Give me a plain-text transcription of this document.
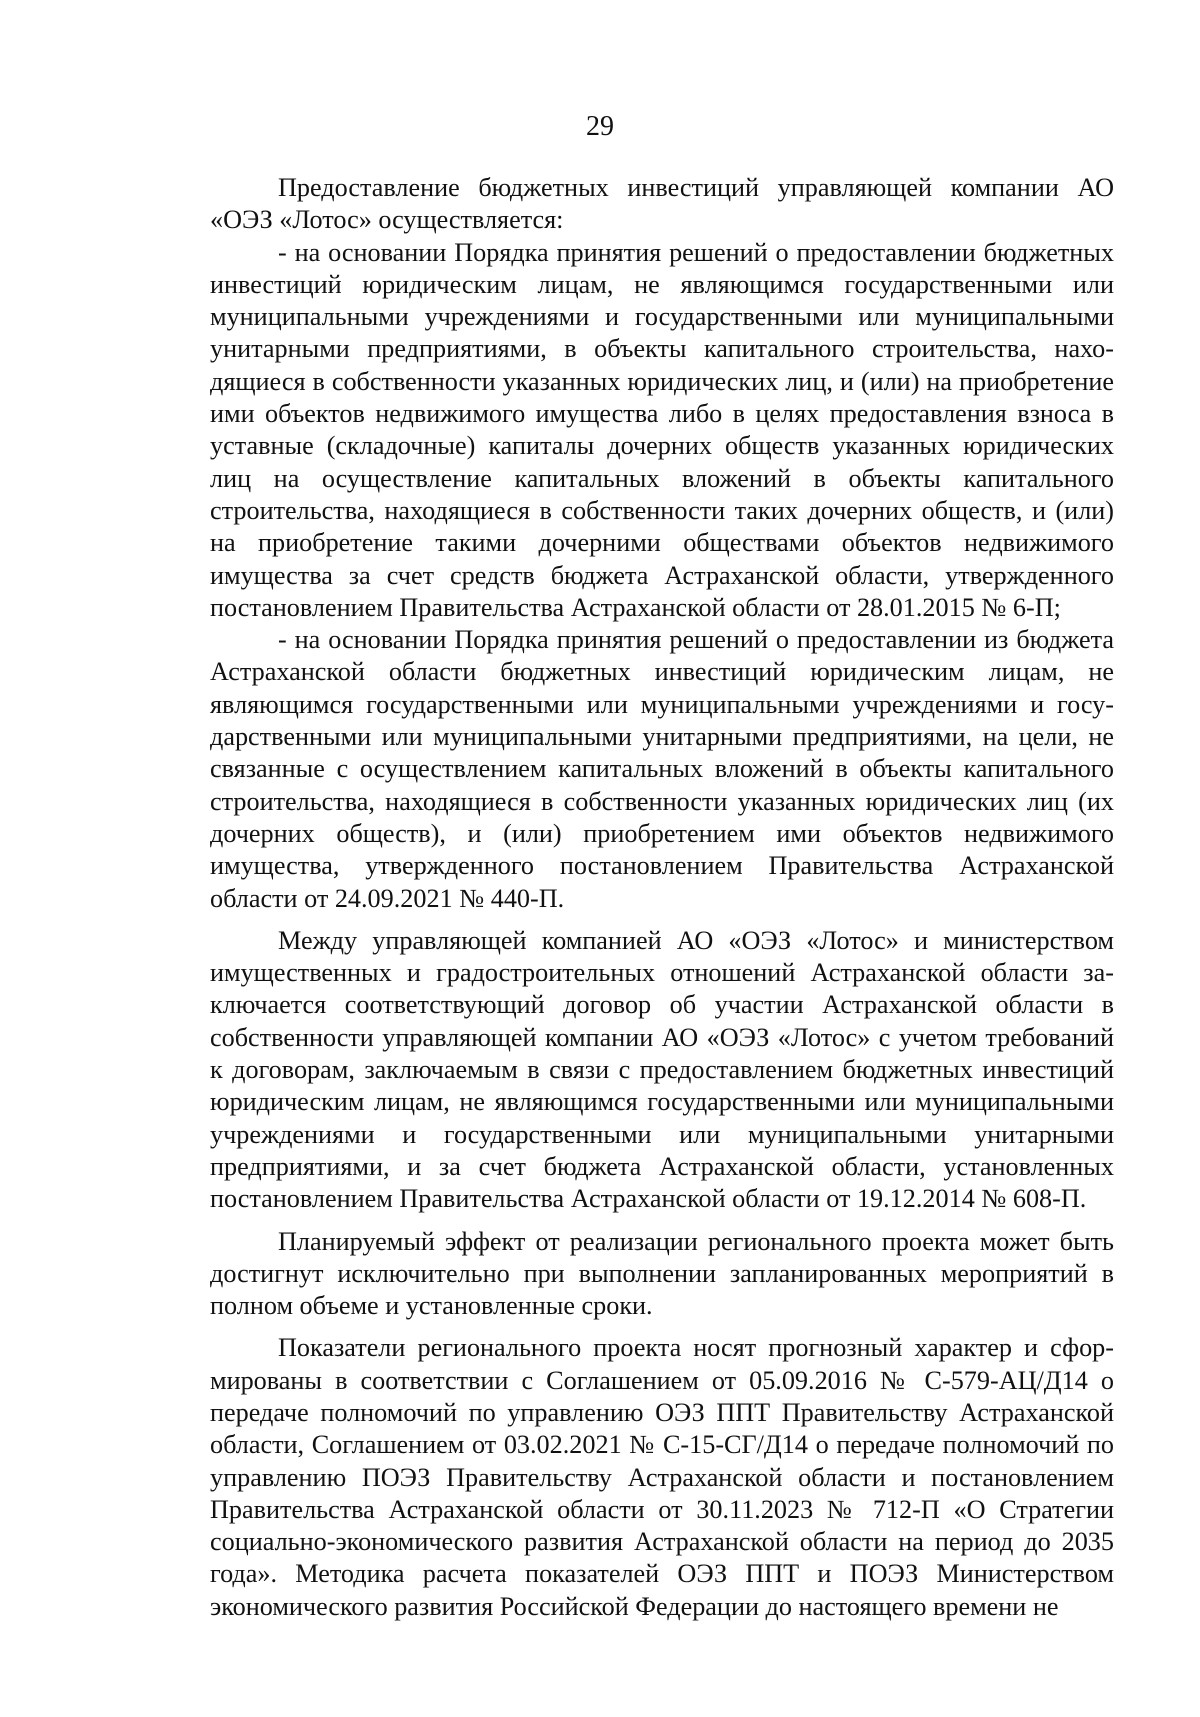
29

Предоставление бюджетных инвестиций управляющей компании АО «ОЭЗ «Лотос» осуществляется:

- на основании Порядка принятия решений о предоставлении бюджетных инвестиций юридическим лицам, не являющимся государственными или муниципальными учреждениями и государственными или муниципальными унитарными предприятиями, в объекты капитального строительства, находящиеся в собственности указанных юридических лиц, и (или) на приобретение ими объектов недвижимого имущества либо в целях предоставления взноса в уставные (складочные) капиталы дочерних обществ указанных юридических лиц на осуществление капитальных вложений в объекты капитального строительства, находящиеся в собственности таких дочерних обществ, и (или) на приобретение такими дочерними обществами объектов недвижимого имущества за счет средств бюджета Астраханской области, утвержденного постановлением Правительства Астраханской области от 28.01.2015 № 6-П;

- на основании Порядка принятия решений о предоставлении из бюджета Астраханской области бюджетных инвестиций юридическим лицам, не являющимся государственными или муниципальными учреждениями и государственными или муниципальными унитарными предприятиями, на цели, не связанные с осуществлением капитальных вложений в объекты капитального строительства, находящиеся в собственности указанных юридических лиц (их дочерних обществ), и (или) приобретением ими объектов недвижимого имущества, утвержденного постановлением Правительства Астраханской области от 24.09.2021 № 440-П.

Между управляющей компанией АО «ОЭЗ «Лотос» и министерством имущественных и градостроительных отношений Астраханской области заключается соответствующий договор об участии Астраханской области в собственности управляющей компании АО «ОЭЗ «Лотос» с учетом требований к договорам, заключаемым в связи с предоставлением бюджетных инвестиций юридическим лицам, не являющимся государственными или муниципальными учреждениями и государственными или муниципальными унитарными предприятиями, и за счет бюджета Астраханской области, установленных постановлением Правительства Астраханской области от 19.12.2014 № 608-П.

Планируемый эффект от реализации регионального проекта может быть достигнут исключительно при выполнении запланированных мероприятий в полном объеме и установленные сроки.

Показатели регионального проекта носят прогнозный характер и сформированы в соответствии с Соглашением от 05.09.2016 № С-579-АЦ/Д14 о передаче полномочий по управлению ОЭЗ ППТ Правительству Астраханской области, Соглашением от 03.02.2021 № С-15-СГ/Д14 о передаче полномочий по управлению ПОЭЗ Правительству Астраханской области и постановлением Правительства Астраханской области от 30.11.2023 № 712-П «О Стратегии социально-экономического развития Астраханской области на период до 2035 года». Методика расчета показателей ОЭЗ ППТ и ПОЭЗ Министерством экономического развития Российской Федерации до настоящего времени не
